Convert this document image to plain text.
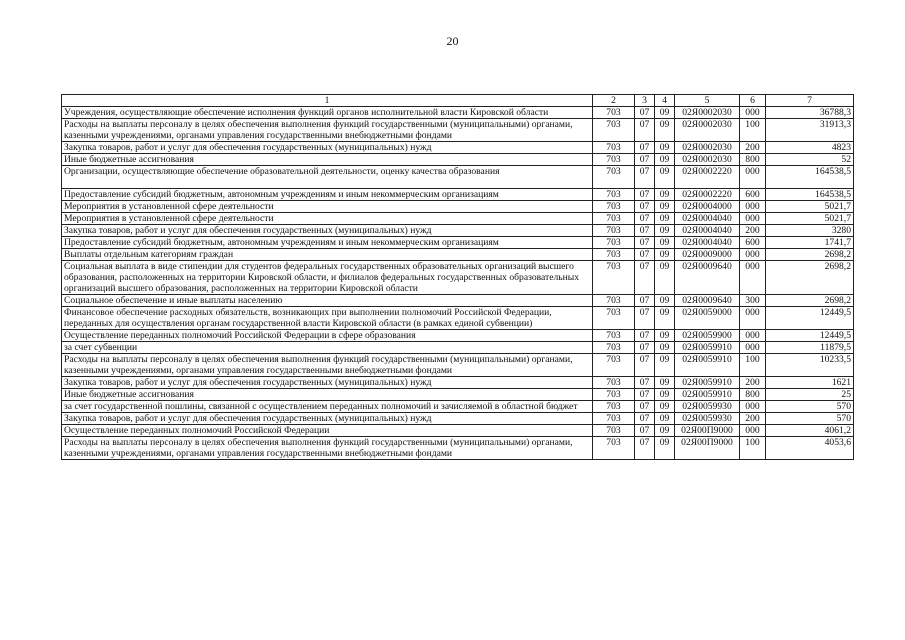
20
1	2	3	4	5	6	7
Учреждения, осуществляющие обеспечение исполнения функций органов исполнительной власти Кировской области	703	07	09	02Я0002030	000	36788,3
Расходы на выплаты персоналу в целях обеспечения выполнения функций государственными (муниципальными) органами, казенными учреждениями, органами управления государственными внебюджетными фондами	703	07	09	02Я0002030	100	31913,3
Закупка товаров, работ и услуг для обеспечения государственных (муниципальных) нужд	703	07	09	02Я0002030	200	4823
Иные бюджетные ассигнования	703	07	09	02Я0002030	800	52
Организации, осуществляющие обеспечение образовательной деятельности, оценку качества образования	703	07	09	02Я0002220	000	164538,5
Предоставление субсидий бюджетным, автономным учреждениям и иным некоммерческим организациям	703	07	09	02Я0002220	600	164538,5
Мероприятия в установленной сфере деятельности	703	07	09	02Я0004000	000	5021,7
Мероприятия в установленной сфере деятельности	703	07	09	02Я0004040	000	5021,7
Закупка товаров, работ и услуг для обеспечения государственных (муниципальных) нужд	703	07	09	02Я0004040	200	3280
Предоставление субсидий бюджетным, автономным учреждениям и иным некоммерческим организациям	703	07	09	02Я0004040	600	1741,7
Выплаты отдельным категориям граждан	703	07	09	02Я0009000	000	2698,2
Социальная выплата в виде стипендии для студентов федеральных государственных образовательных организаций высшего образования, расположенных на территории Кировской области, и филиалов федеральных государственных образовательных организаций высшего образования, расположенных на территории Кировской области	703	07	09	02Я0009640	000	2698,2
Социальное обеспечение и иные выплаты населению	703	07	09	02Я0009640	300	2698,2
Финансовое обеспечение расходных обязательств, возникающих при выполнении полномочий Российской Федерации, переданных для осуществления органам государственной власти Кировской области (в рамках единой субвенции)	703	07	09	02Я0059000	000	12449,5
Осуществление переданных полномочий Российской Федерации в сфере образования	703	07	09	02Я0059900	000	12449,5
за счет субвенции	703	07	09	02Я0059910	000	11879,5
Расходы на выплаты персоналу в целях обеспечения выполнения функций государственными (муниципальными) органами, казенными учреждениями, органами управления государственными внебюджетными фондами	703	07	09	02Я0059910	100	10233,5
Закупка товаров, работ и услуг для обеспечения государственных (муниципальных) нужд	703	07	09	02Я0059910	200	1621
Иные бюджетные ассигнования	703	07	09	02Я0059910	800	25
за счет государственной пошлины, связанной с осуществлением переданных полномочий и зачисляемой в областной бюджет	703	07	09	02Я0059930	000	570
Закупка товаров, работ и услуг для обеспечения государственных (муниципальных) нужд	703	07	09	02Я0059930	200	570
Осуществление переданных полномочий Российской Федерации	703	07	09	02Я00П9000	000	4061,2
Расходы на выплаты персоналу в целях обеспечения выполнения функций государственными (муниципальными) органами, казенными учреждениями, органами управления государственными внебюджетными фондами	703	07	09	02Я00П9000	100	4053,6
